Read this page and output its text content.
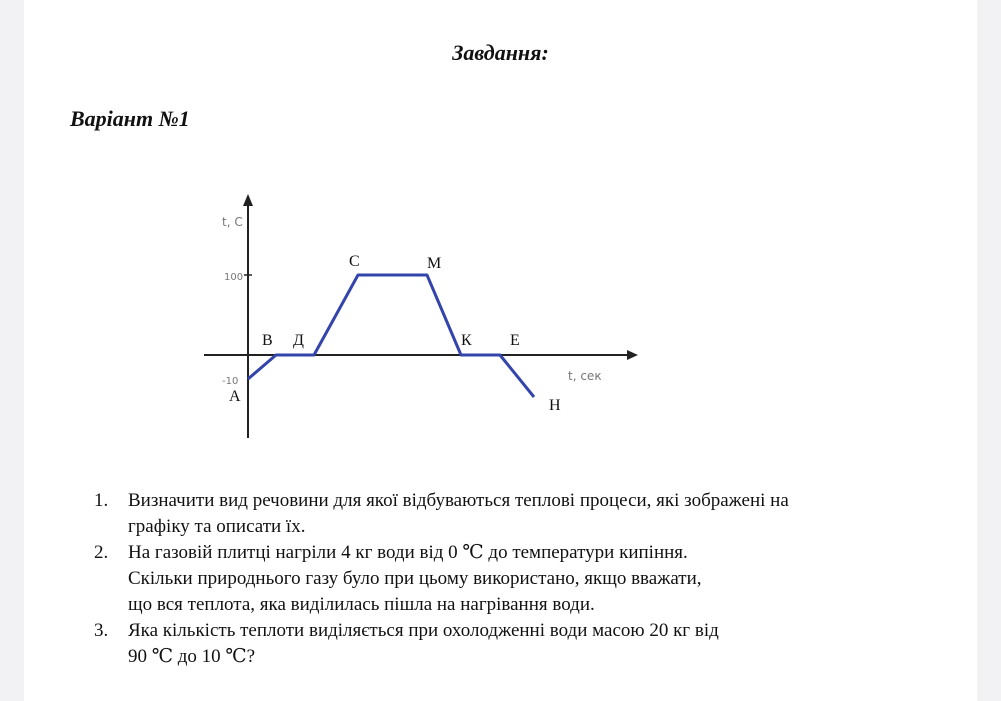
Завдання:
Варіант №1
t, C
t, сек
100
-10
A
B Д
C	M
К E
H
1. Визначити вид речовини для якої відбуваються теплові процеси, які зображені на
графіку та описати їх.
2. На газовій плитці нагріли 4 кг води від 0 ℃ до температури кипіння.
Скільки природнього газу було при цьому використано, якщо вважати,
що вся теплота, яка виділилась пішла на нагрівання води.
3. Яка кількість теплоти виділяється при охолодженні води масою 20 кг від
90 ℃ до 10 ℃?
